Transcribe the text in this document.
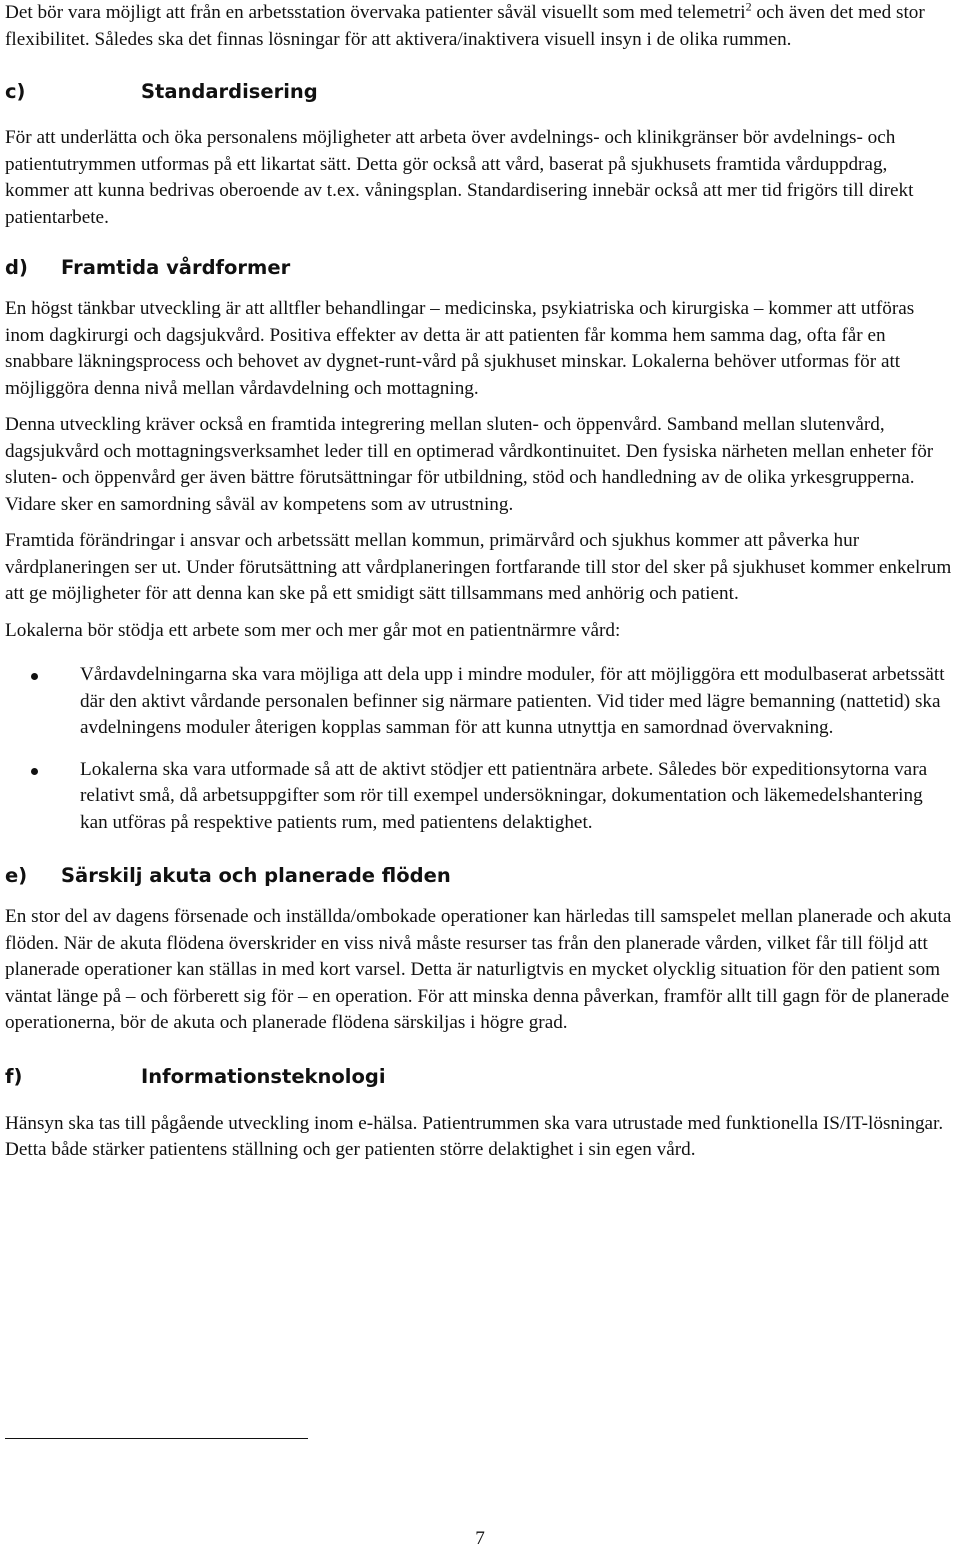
Det bör vara möjligt att från en arbetsstation övervaka patienter såväl visuellt som med telemetri$^2$ och även det med stor flexibilitet. Således ska det finnas lösningar för att aktivera/inaktivera visuell insyn i de olika rummen.

c)	Standardisering

För att underlätta och öka personalens möjligheter att arbeta över avdelnings- och klinikgränser bör avdelnings- och patientutrymmen utformas på ett likartat sätt. Detta gör också att vård, baserat på sjukhusets framtida vårduppdrag, kommer att kunna bedrivas oberoende av t.ex. våningsplan. Standardisering innebär också att mer tid frigörs till direkt patientarbete.

d)	Framtida vårdformer

En högst tänkbar utveckling är att alltfler behandlingar – medicinska, psykiatriska och kirurgiska – kommer att utföras inom dagkirurgi och dagsjukvård. Positiva effekter av detta är att patienten får komma hem samma dag, ofta får en snabbare läkningsprocess och behovet av dygnet-runt-vård på sjukhuset minskar. Lokalerna behöver utformas för att möjliggöra denna nivå mellan vårdavdelning och mottagning.

Denna utveckling kräver också en framtida integrering mellan sluten- och öppenvård. Samband mellan slutenvård, dagsjukvård och mottagningsverksamhet leder till en optimerad vårdkontinuitet. Den fysiska närheten mellan enheter för sluten- och öppenvård ger även bättre förutsättningar för utbildning, stöd och handledning av de olika yrkesgrupperna. Vidare sker en samordning såväl av kompetens som av utrustning.

Framtida förändringar i ansvar och arbetssätt mellan kommun, primärvård och sjukhus kommer att påverka hur vårdplaneringen ser ut. Under förutsättning att vårdplaneringen fortfarande till stor del sker på sjukhuset kommer enkelrum att ge möjligheter för att denna kan ske på ett smidigt sätt tillsammans med anhörig och patient.

Lokalerna bör stödja ett arbete som mer och mer går mot en patientnärmre vård:

Vårdavdelningarna ska vara möjliga att dela upp i mindre moduler, för att möjliggöra ett modulbaserat arbetssätt där den aktivt vårdande personalen befinner sig närmare patienten. Vid tider med lägre bemanning (nattetid) ska avdelningens moduler återigen kopplas samman för att kunna utnyttja en samordnad övervakning.
Lokalerna ska vara utformade så att de aktivt stödjer ett patientnära arbete. Således bör expeditionsytorna vara relativt små, då arbetsuppgifter som rör till exempel undersökningar, dokumentation och läkemedelshantering kan utföras på respektive patients rum, med patientens delaktighet.
e)	Särskilj akuta och planerade flöden

En stor del av dagens försenade och inställda/ombokade operationer kan härledas till samspelet mellan planerade och akuta flöden. När de akuta flödena överskrider en viss nivå måste resurser tas från den planerade vården, vilket får till följd att planerade operationer kan ställas in med kort varsel. Detta är naturligtvis en mycket olycklig situation för den patient som väntat länge på – och förberett sig för – en operation. För att minska denna påverkan, framför allt till gagn för de planerade operationerna, bör de akuta och planerade flödena särskiljas i högre grad.

f)	Informationsteknologi

Hänsyn ska tas till pågående utveckling inom e-hälsa. Patientrummen ska vara utrustade med funktionella IS/IT-lösningar. Detta både stärker patientens ställning och ger patienten större delaktighet i sin egen vård.

7
